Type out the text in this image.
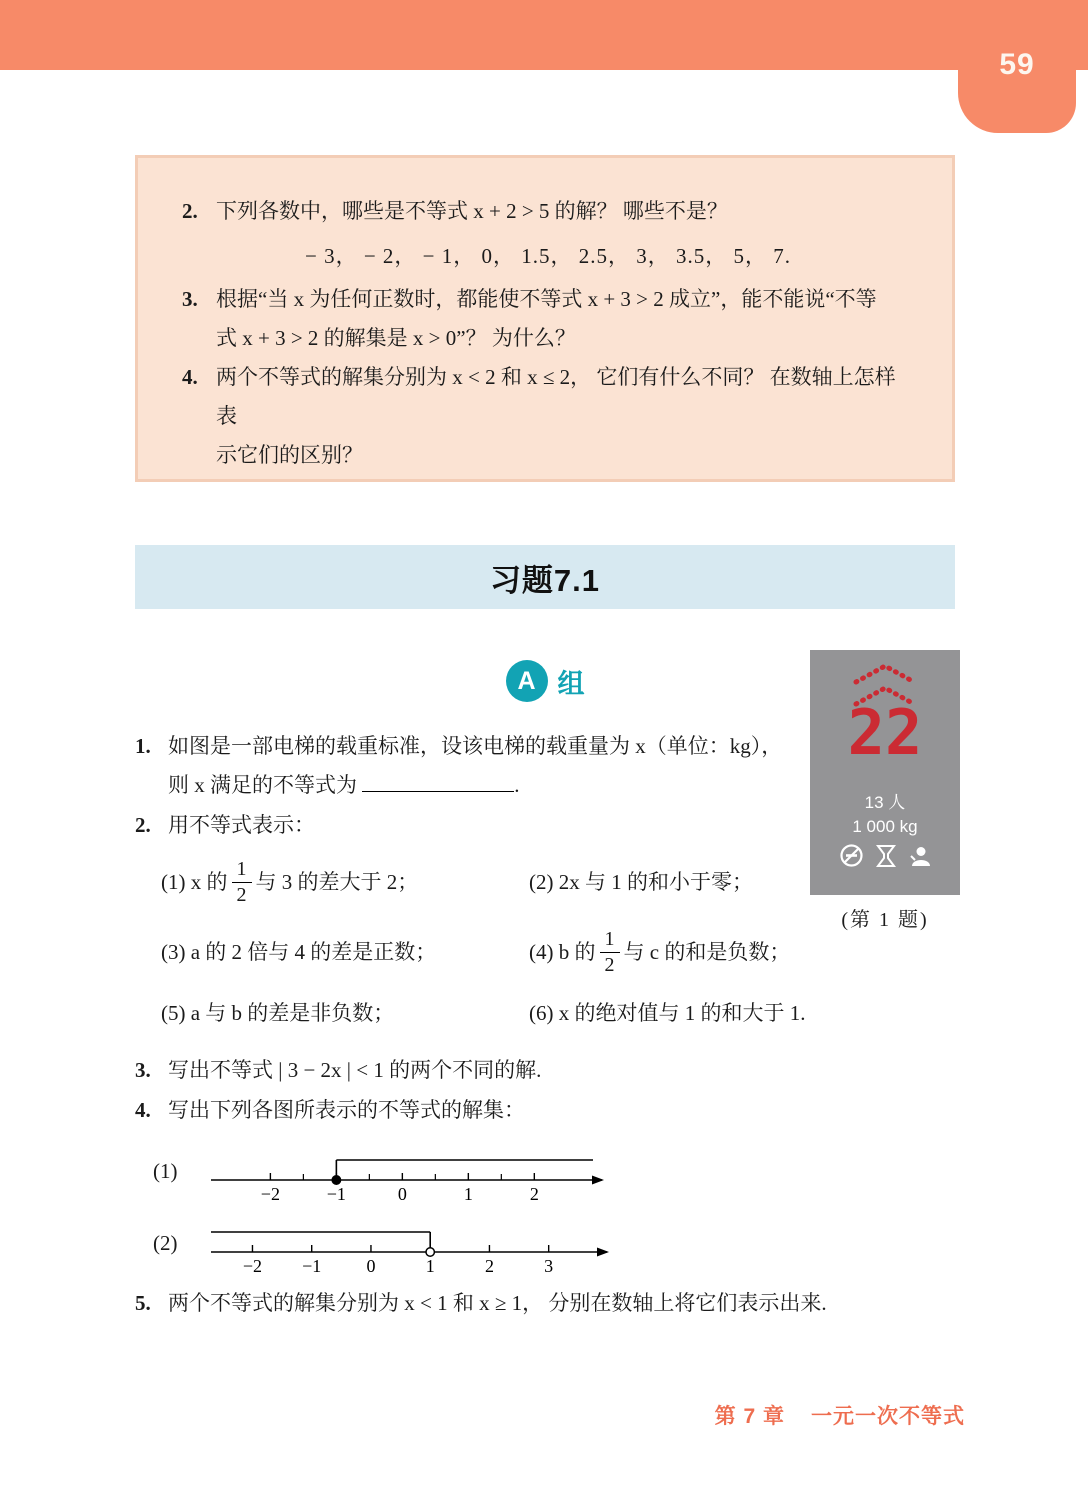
59
2. 下列各数中，哪些是不等式 x + 2 > 5 的解？ 哪些不是？
− 3， − 2， − 1， 0， 1.5， 2.5， 3， 3.5， 5， 7.
3. 根据“当 x 为任何正数时，都能使不等式 x + 3 > 2 成立”，能不能说“不等
式 x + 3 > 2 的解集是 x > 0”？ 为什么？
4. 两个不等式的解集分别为 x < 2 和 x ≤ 2， 它们有什么不同？ 在数轴上怎样表
示它们的区别？
习题7.1
A 组
1. 如图是一部电梯的载重标准，设该电梯的载重量为 x（单位：kg），
则 x 满足的不等式为	.
2. 用不等式表示：
(1) x 的 $\frac{1}{2}$ 与 3 的差大于 2；	(2) 2x 与 1 的和小于零；
(3) a 的 2 倍与 4 的差是正数；	(4) b 的 $\frac{1}{2}$ 与 c 的和是负数；
(5) a 与 b 的差是非负数；	(6) x 的绝对值与 1 的和大于 1.
3. 写出不等式 | 3 − 2x | < 1 的两个不同的解.
4. 写出下列各图所表示的不等式的解集：
(1)
−2	−1	0	1	2
(2)
−2 −1	0	1	2	3
5. 两个不等式的解集分别为 x < 1 和 x ≥ 1， 分别在数轴上将它们表示出来.
22
13 人
1 000 kg
(第 1 题)
第 7 章 一元一次不等式
